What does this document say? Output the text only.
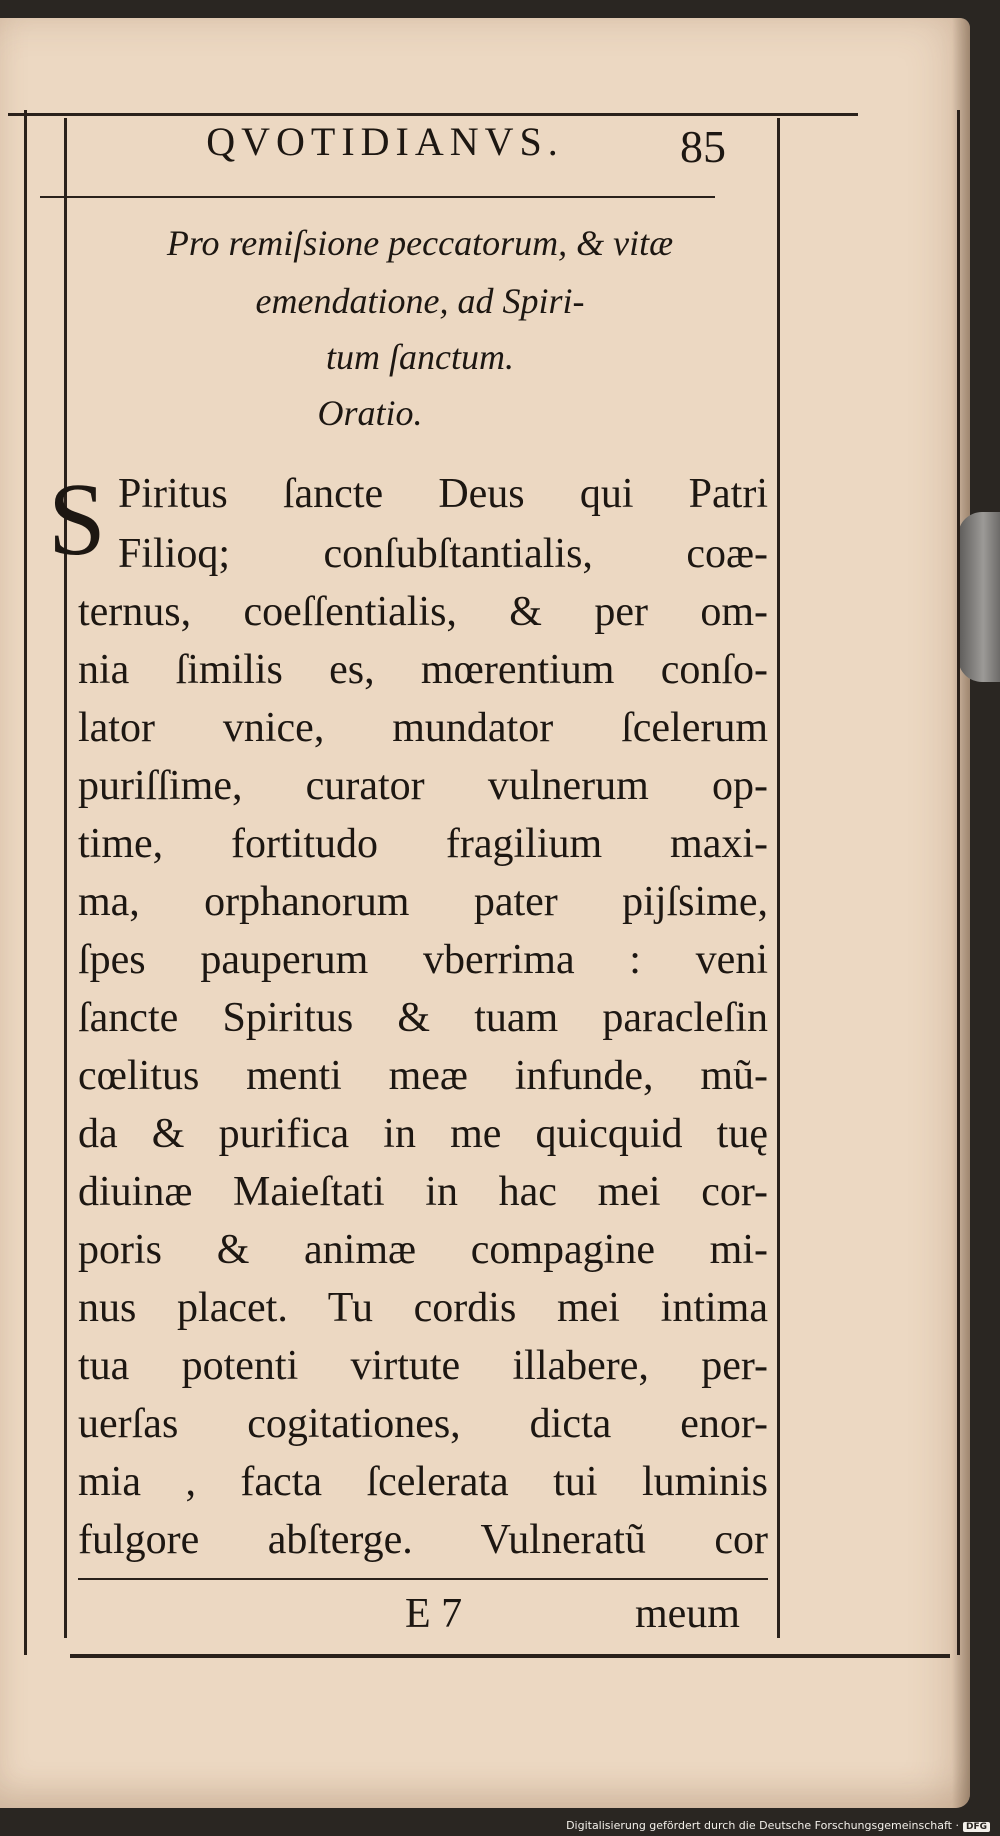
QVOTIDIANVS.	85
Pro remiſsione peccatorum, & vitæ
emendatione, ad Spiri-
tum ſanctum.
Oratio.
S Piritus ſancte Deus qui Patri
Filioq; conſubſtantialis, coæ-
ternus, coeſſentialis, & per om-
nia ſimilis es, mœrentium conſo-
lator vnice, mundator ſcelerum
puriſſime, curator vulnerum op-
time, fortitudo fragilium maxi-
ma, orphanorum pater pijſsime,
ſpes pauperum vberrima : veni
ſancte Spiritus & tuam paracleſin
cœlitus menti meæ infunde, mũ-
da & purifica in me quicquid tuę
diuinæ Maieſtati in hac mei cor-
poris & animæ compagine mi-
nus placet. Tu cordis mei intima
tua potenti virtute illabere, per-
uerſas cogitationes, dicta enor-
mia , facta ſcelerata tui luminis
fulgore abſterge. Vulneratũ cor
E 7	meum
Digitalisierung gefördert durch die Deutsche Forschungsgemeinschaft · DFG
